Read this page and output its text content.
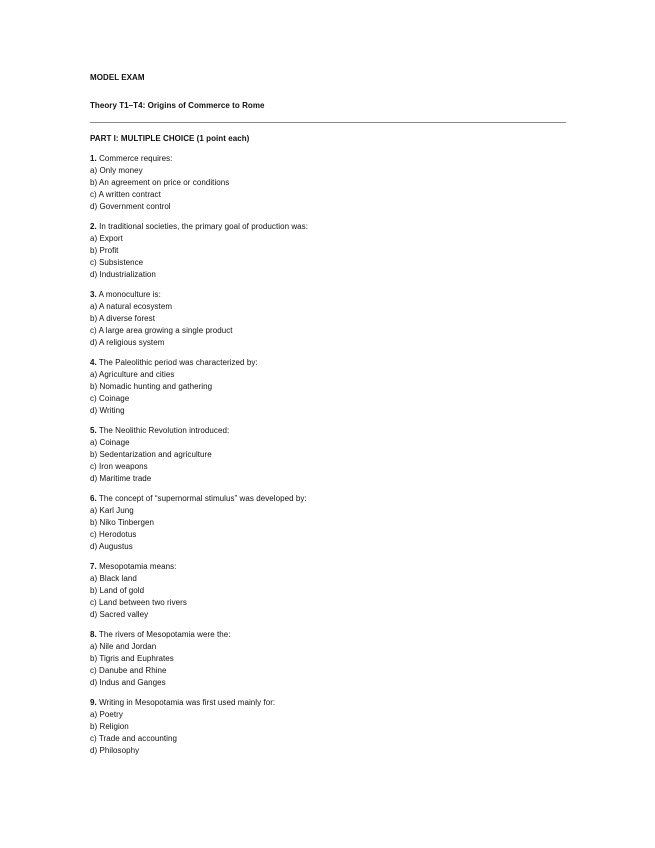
MODEL EXAM
Theory T1–T4: Origins of Commerce to Rome
PART I: MULTIPLE CHOICE (1 point each)
1. Commerce requires:
a) Only money
b) An agreement on price or conditions
c) A written contract
d) Government control
2. In traditional societies, the primary goal of production was:
a) Export
b) Profit
c) Subsistence
d) Industrialization
3. A monoculture is:
a) A natural ecosystem
b) A diverse forest
c) A large area growing a single product
d) A religious system
4. The Paleolithic period was characterized by:
a) Agriculture and cities
b) Nomadic hunting and gathering
c) Coinage
d) Writing
5. The Neolithic Revolution introduced:
a) Coinage
b) Sedentarization and agriculture
c) Iron weapons
d) Maritime trade
6. The concept of “supernormal stimulus” was developed by:
a) Karl Jung
b) Niko Tinbergen
c) Herodotus
d) Augustus
7. Mesopotamia means:
a) Black land
b) Land of gold
c) Land between two rivers
d) Sacred valley
8. The rivers of Mesopotamia were the:
a) Nile and Jordan
b) Tigris and Euphrates
c) Danube and Rhine
d) Indus and Ganges
9. Writing in Mesopotamia was first used mainly for:
a) Poetry
b) Religion
c) Trade and accounting
d) Philosophy
